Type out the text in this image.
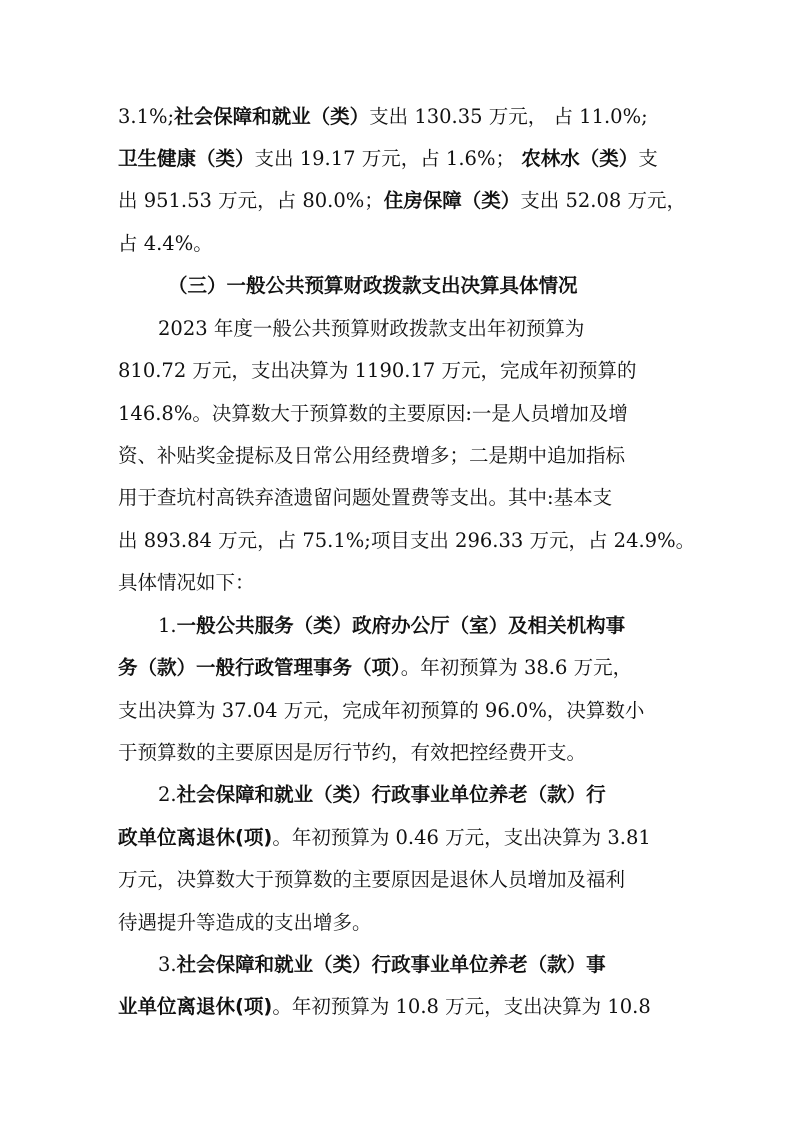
3.1%;社会保障和就业（类）支出 130.35 万元， 占 11.0%;
卫生健康（类）支出 19.17 万元，占 1.6%； 农林水（类）支
出 951.53 万元，占 80.0%；住房保障（类）支出 52.08 万元，
占 4.4%。
（三）一般公共预算财政拨款支出决算具体情况
2023 年度一般公共预算财政拨款支出年初预算为
810.72 万元，支出决算为 1190.17 万元，完成年初预算的
146.8%。决算数大于预算数的主要原因:一是人员增加及增
资、补贴奖金提标及日常公用经费增多；二是期中追加指标
用于查坑村高铁弃渣遗留问题处置费等支出。其中:基本支
出 893.84 万元，占 75.1%;项目支出 296.33 万元，占 24.9%。
具体情况如下：
1.一般公共服务（类）政府办公厅（室）及相关机构事
务（款）一般行政管理事务（项）。年初预算为 38.6 万元，
支出决算为 37.04 万元，完成年初预算的 96.0%，决算数小
于预算数的主要原因是厉行节约，有效把控经费开支。
2.社会保障和就业（类）行政事业单位养老（款）行
政单位离退休(项)。年初预算为 0.46 万元，支出决算为 3.81
万元，决算数大于预算数的主要原因是退休人员增加及福利
待遇提升等造成的支出增多。
3.社会保障和就业（类）行政事业单位养老（款）事
业单位离退休(项)。年初预算为 10.8 万元，支出决算为 10.8
